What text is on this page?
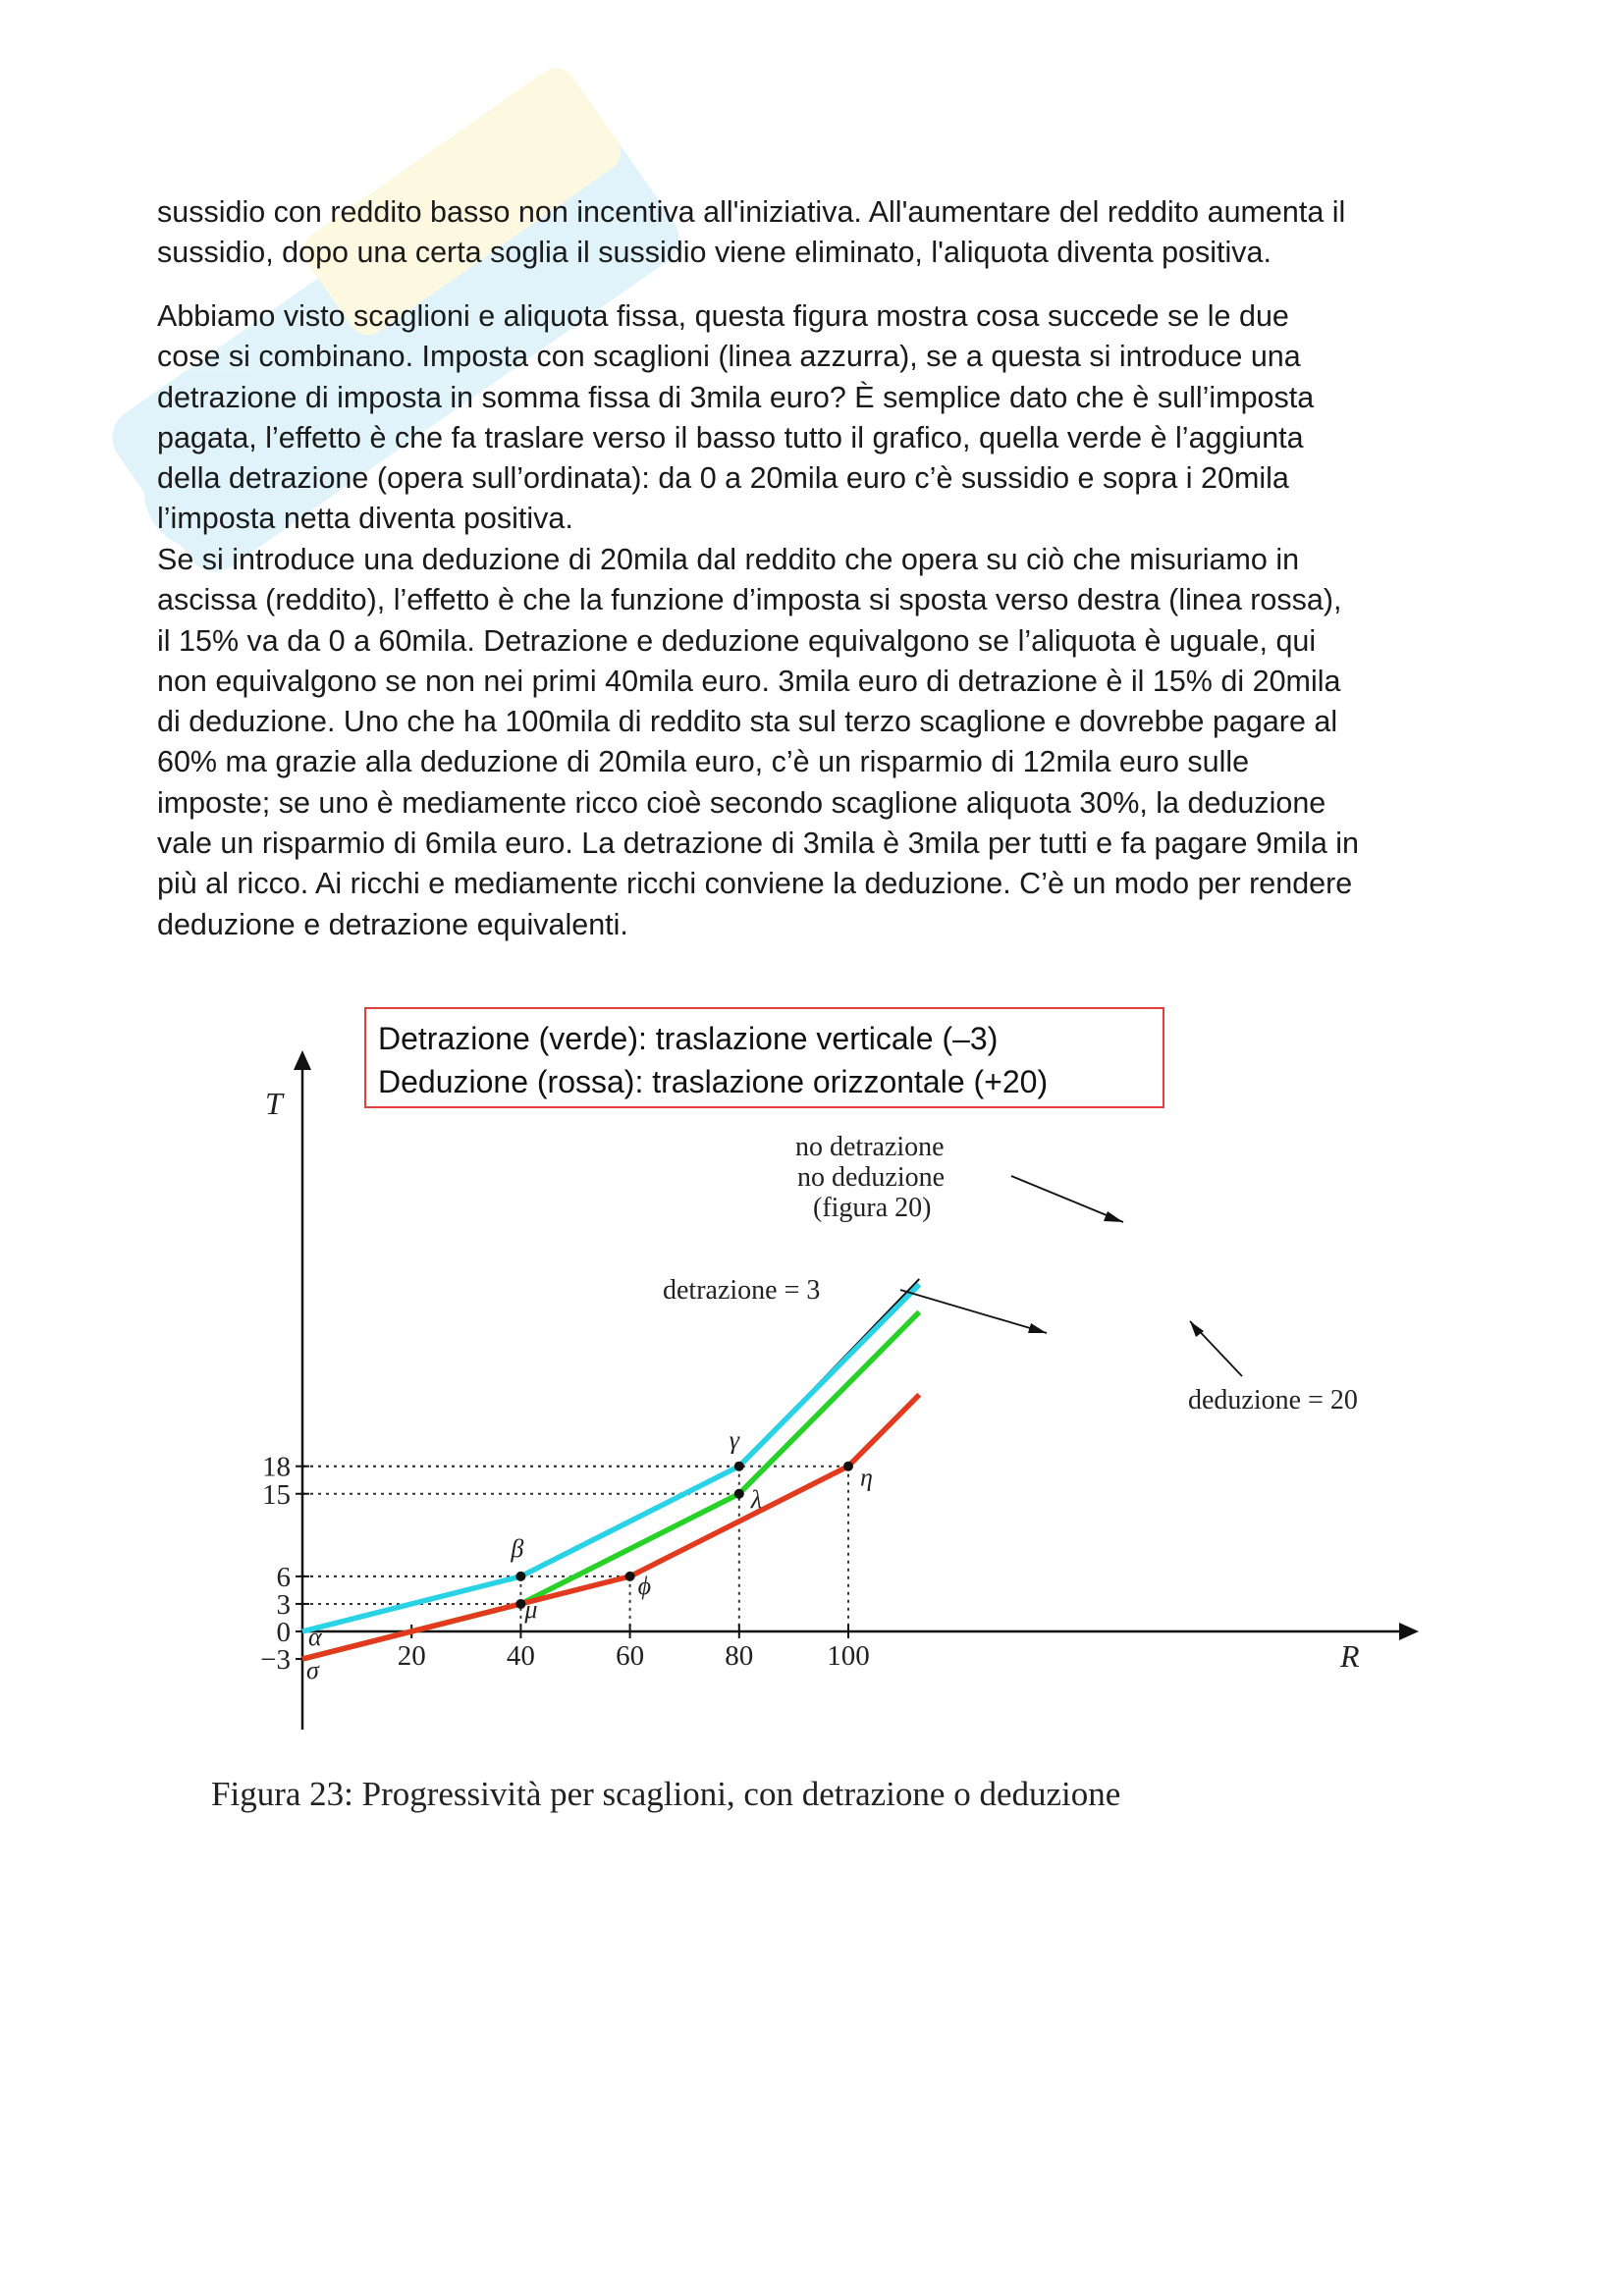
sussidio con reddito basso non incentiva all'iniziativa. All'aumentare del reddito aumenta il
sussidio, dopo una certa soglia il sussidio viene eliminato, l'aliquota diventa positiva.
Abbiamo visto scaglioni e aliquota fissa, questa figura mostra cosa succede se le due
cose si combinano. Imposta con scaglioni (linea azzurra), se a questa si introduce una
detrazione di imposta in somma fissa di 3mila euro? È semplice dato che è sull’imposta
pagata, l’effetto è che fa traslare verso il basso tutto il grafico, quella verde è l’aggiunta
della detrazione (opera sull’ordinata): da 0 a 20mila euro c’è sussidio e sopra i 20mila
l’imposta netta diventa positiva.
Se si introduce una deduzione di 20mila dal reddito che opera su ciò che misuriamo in
ascissa (reddito), l’effetto è che la funzione d’imposta si sposta verso destra (linea rossa),
il 15% va da 0 a 60mila. Detrazione e deduzione equivalgono se l’aliquota è uguale, qui
non equivalgono se non nei primi 40mila euro. 3mila euro di detrazione è il 15% di 20mila
di deduzione. Uno che ha 100mila di reddito sta sul terzo scaglione e dovrebbe pagare al
60% ma grazie alla deduzione di 20mila euro, c’è un risparmio di 12mila euro sulle
imposte; se uno è mediamente ricco cioè secondo scaglione aliquota 30%, la deduzione
vale un risparmio di 6mila euro. La detrazione di 3mila è 3mila per tutti e fa pagare 9mila in
più al ricco. Ai ricchi e mediamente ricchi conviene la deduzione. C’è un modo per rendere
deduzione e detrazione equivalenti.
T
R
20	40	60	80	100
18
15
6
3
0
−3
α
σ
β
μ
ϕ
γ
λ
η
no detrazione
no deduzione
(figura 20)
detrazione = 3
deduzione = 20
Detrazione (verde): traslazione verticale (–3)
Deduzione (rossa): traslazione orizzontale (+20)
Figura 23: Progressività per scaglioni, con detrazione o deduzione
